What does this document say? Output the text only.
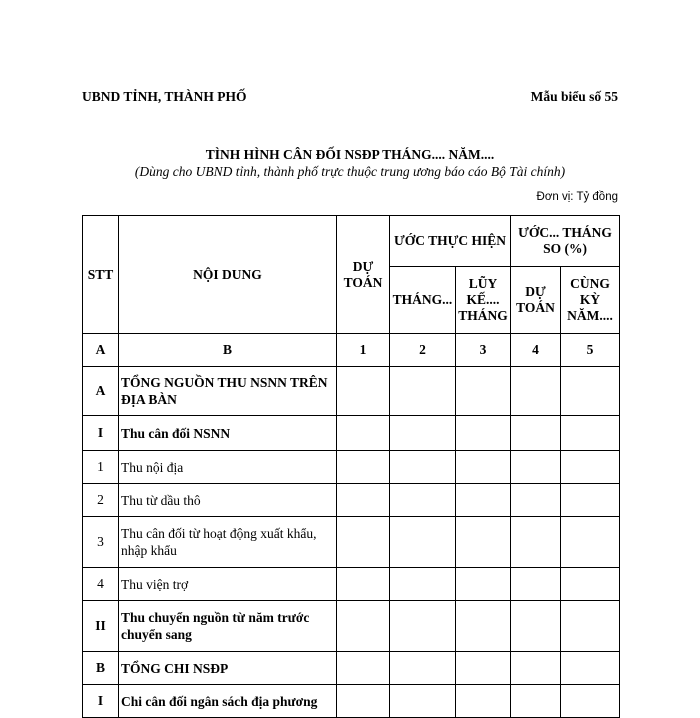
UBND TỈNH, THÀNH PHỐ	Mẫu biểu số 55
TÌNH HÌNH CÂN ĐỐI NSĐP THÁNG.... NĂM....
(Dùng cho UBND tỉnh, thành phố trực thuộc trung ương báo cáo Bộ Tài chính)
Đơn vị: Tỷ đồng
STT	NỘI DUNG	DỰ TOÁN	ƯỚC THỰC HIỆN		ƯỚC... THÁNG SO (%)	
			THÁNG...	LŨY KẾ.... THÁNG	DỰ TOÁN	CÙNG KỲ NĂM....
A	B	1	2	3	4	5
A	TỔNG NGUỒN THU NSNN TRÊN ĐỊA BÀN					
I	Thu cân đối NSNN					
1	Thu nội địa					
2	Thu từ dầu thô					
3	Thu cân đối từ hoạt động xuất khẩu, nhập khẩu					
4	Thu viện trợ					
II	Thu chuyển nguồn từ năm trước chuyển sang					
B	TỔNG CHI NSĐP					
I	Chi cân đối ngân sách địa phương					
